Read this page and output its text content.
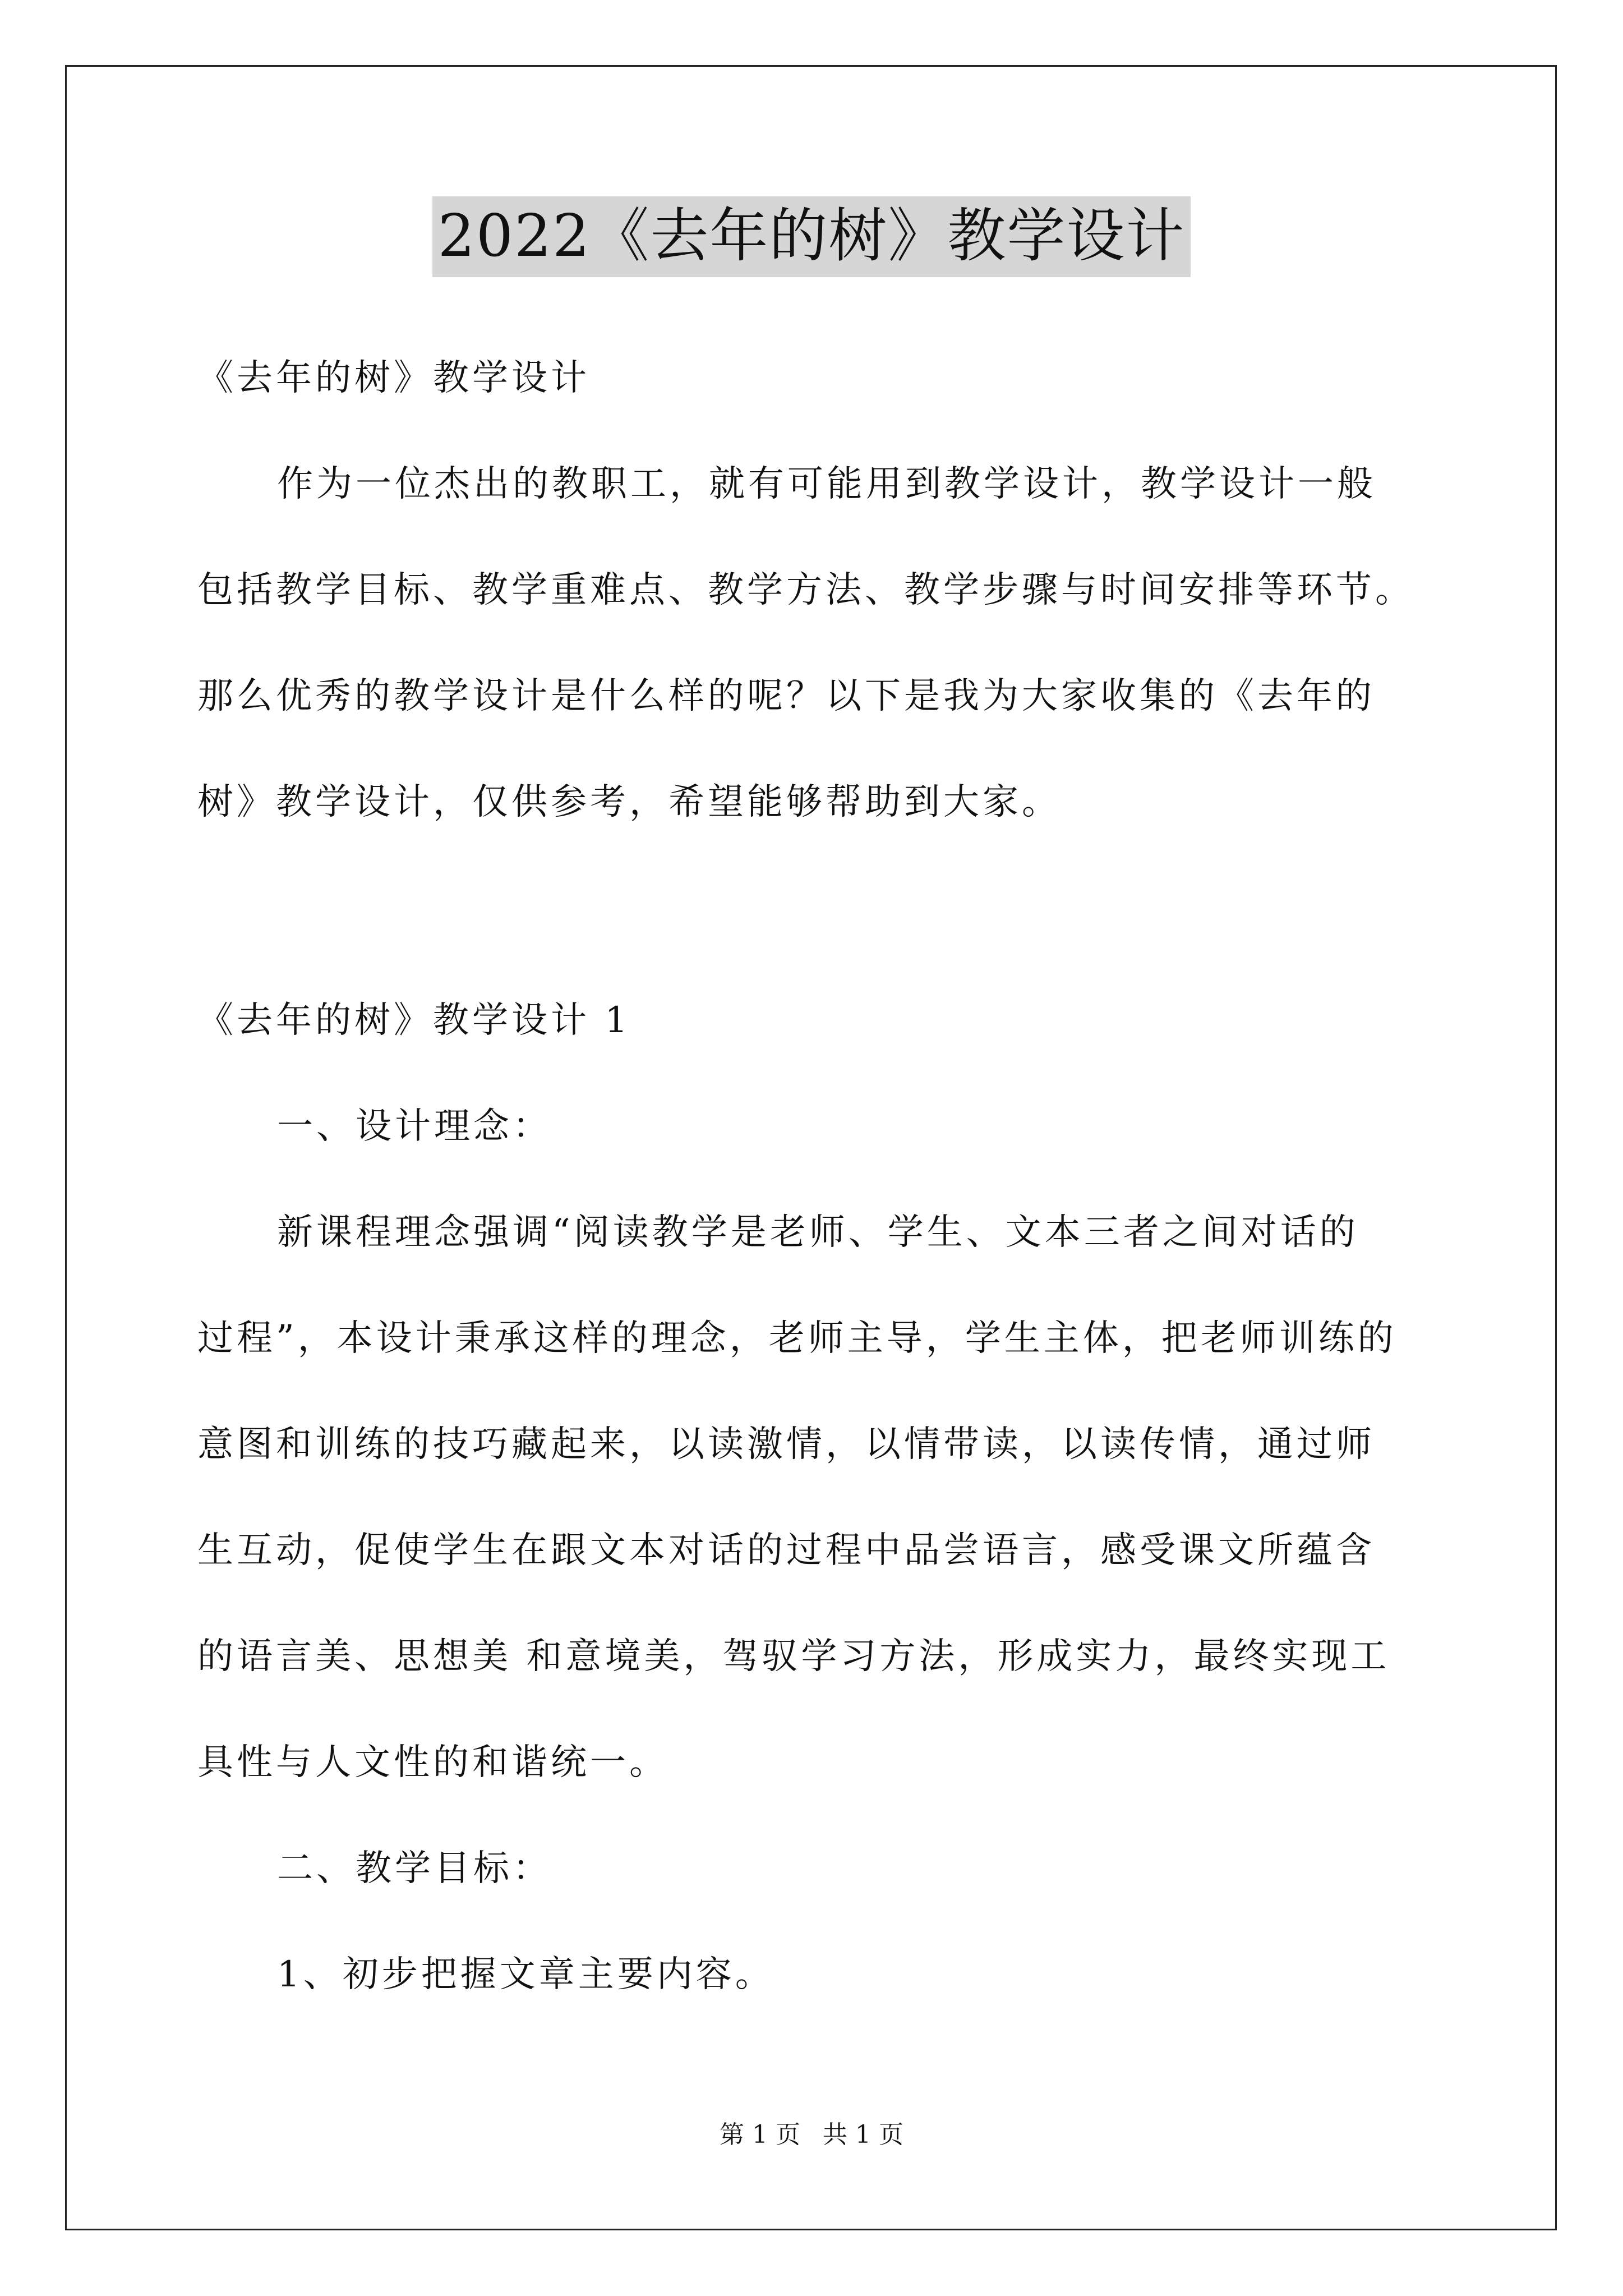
2022《去年的树》教学设计
《去年的树》教学设计
作为一位杰出的教职工，就有可能用到教学设计，教学设计一般
包括教学目标、教学重难点、教学方法、教学步骤与时间安排等环节。
那么优秀的教学设计是什么样的呢？以下是我为大家收集的《去年的
树》教学设计，仅供参考，希望能够帮助到大家。
《去年的树》教学设计 1
一、设计理念：
新课程理念强调“阅读教学是老师、学生、文本三者之间对话的
过程”，本设计秉承这样的理念，老师主导，学生主体，把老师训练的
意图和训练的技巧藏起来，以读激情，以情带读，以读传情，通过师
生互动，促使学生在跟文本对话的过程中品尝语言，感受课文所蕴含
的语言美、思想美 和意境美，驾驭学习方法，形成实力，最终实现工
具性与人文性的和谐统一。
二、教学目标：
1、初步把握文章主要内容。
第 1 页 共 1 页
